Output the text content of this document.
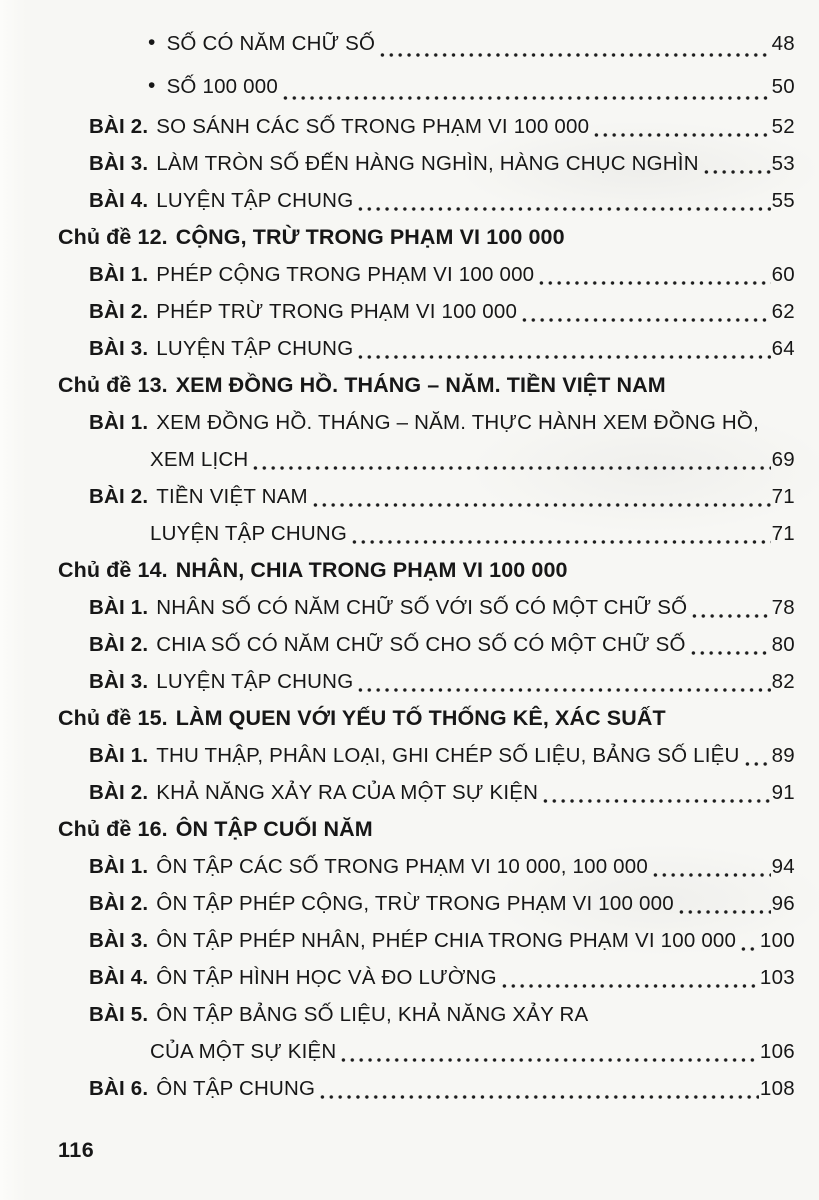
• SỐ CÓ NĂM CHỮ SỐ	48
• SỐ 100 000	50
BÀI 2. SO SÁNH CÁC SỐ TRONG PHẠM VI 100 000	52
BÀI 3. LÀM TRÒN SỐ ĐẾN HÀNG NGHÌN, HÀNG CHỤC NGHÌN	53
BÀI 4. LUYỆN TẬP CHUNG	55
Chủ đề 12. CỘNG, TRỪ TRONG PHẠM VI 100 000
BÀI 1. PHÉP CỘNG TRONG PHẠM VI 100 000	60
BÀI 2. PHÉP TRỪ TRONG PHẠM VI 100 000	62
BÀI 3. LUYỆN TẬP CHUNG	64
Chủ đề 13. XEM ĐỒNG HỒ. THÁNG – NĂM. TIỀN VIỆT NAM
BÀI 1. XEM ĐỒNG HỒ. THÁNG – NĂM. THỰC HÀNH XEM ĐỒNG HỒ,
XEM LỊCH	69
BÀI 2. TIỀN VIỆT NAM	71
LUYỆN TẬP CHUNG	71
Chủ đề 14. NHÂN, CHIA TRONG PHẠM VI 100 000
BÀI 1. NHÂN SỐ CÓ NĂM CHỮ SỐ VỚI SỐ CÓ MỘT CHỮ SỐ	78
BÀI 2. CHIA SỐ CÓ NĂM CHỮ SỐ CHO SỐ CÓ MỘT CHỮ SỐ	80
BÀI 3. LUYỆN TẬP CHUNG	82
Chủ đề 15. LÀM QUEN VỚI YẾU TỐ THỐNG KÊ, XÁC SUẤT
BÀI 1. THU THẬP, PHÂN LOẠI, GHI CHÉP SỐ LIỆU, BẢNG SỐ LIỆU 89
BÀI 2. KHẢ NĂNG XẢY RA CỦA MỘT SỰ KIỆN	91
Chủ đề 16. ÔN TẬP CUỐI NĂM
BÀI 1. ÔN TẬP CÁC SỐ TRONG PHẠM VI 10 000, 100 000	94
BÀI 2. ÔN TẬP PHÉP CỘNG, TRỪ TRONG PHẠM VI 100 000	96
BÀI 3. ÔN TẬP PHÉP NHÂN, PHÉP CHIA TRONG PHẠM VI 100 000 100
BÀI 4. ÔN TẬP HÌNH HỌC VÀ ĐO LƯỜNG	103
BÀI 5. ÔN TẬP BẢNG SỐ LIỆU, KHẢ NĂNG XẢY RA
CỦA MỘT SỰ KIỆN	106
BÀI 6. ÔN TẬP CHUNG	108
116
